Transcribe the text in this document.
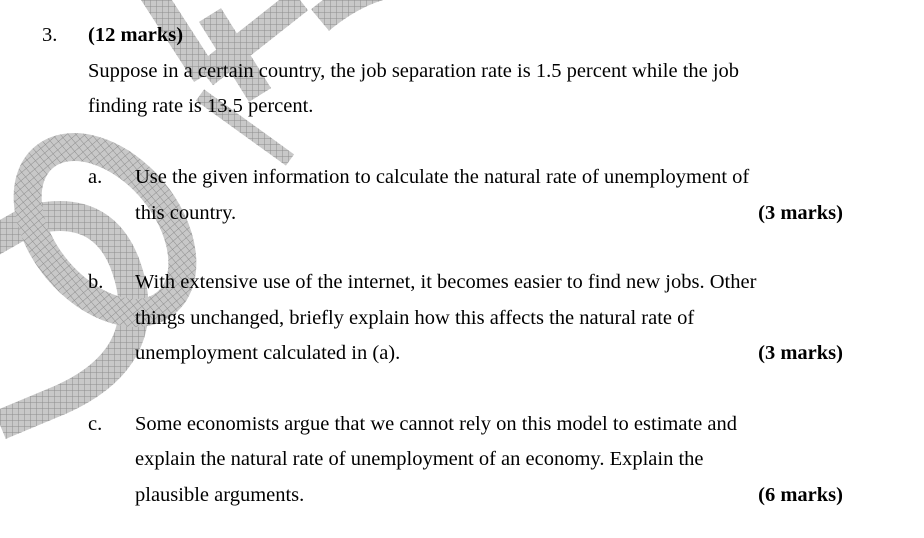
3. (12 marks)
Suppose in a certain country, the job separation rate is 1.5 percent while the job
finding rate is 13.5 percent.
a. Use the given information to calculate the natural rate of unemployment of
this country.	(3 marks)
b. With extensive use of the internet, it becomes easier to find new jobs. Other
things unchanged, briefly explain how this affects the natural rate of
unemployment calculated in (a).	(3 marks)
c. Some economists argue that we cannot rely on this model to estimate and
explain the natural rate of unemployment of an economy. Explain the
plausible arguments.	(6 marks)
